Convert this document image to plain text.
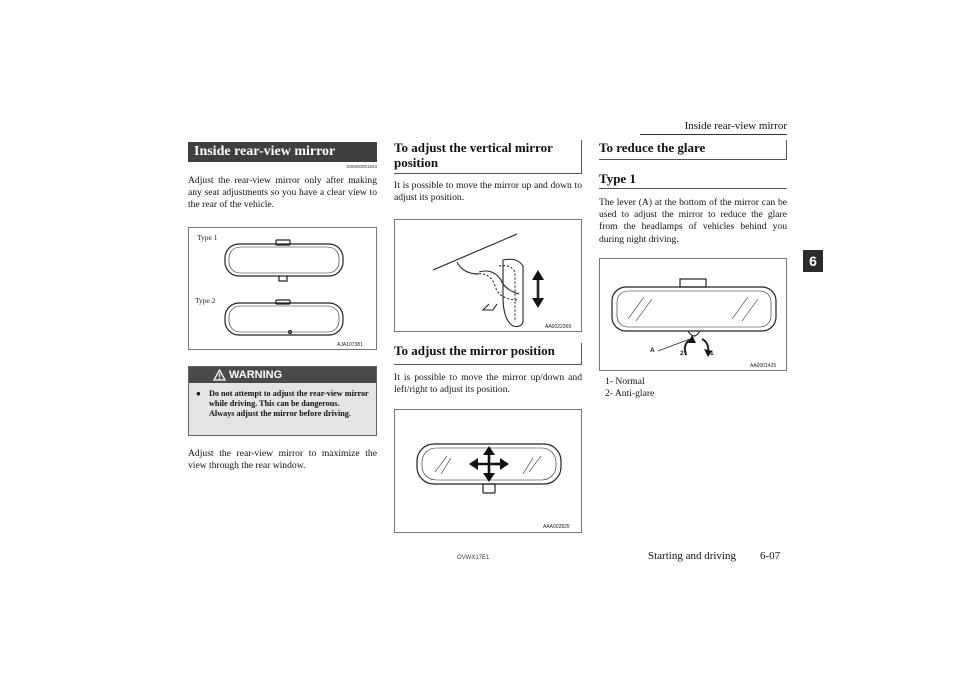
Inside rear-view mirror
6
Inside rear-view mirror
E00600901943
Adjust the rear-view mirror only after making any seat adjustments so you have a clear view to the rear of the vehicle.
Type 1
Type 2
AJA107381
WARNING
● Do not attempt to adjust the rear-view mirror while driving. This can be dangerous.
Always adjust the mirror before driving.
Adjust the rear-view mirror to maximize the view through the rear window.
To adjust the vertical mirror position
It is possible to move the mirror up and down to adjust its position.
AA0022369
To adjust the mirror position
It is possible to move the mirror up/down and left/right to adjust its position.
AAA002825
To reduce the glare
Type 1
The lever (A) at the bottom of the mirror can be used to adjust the mirror to reduce the glare from the headlamps of vehicles behind you during night driving.
A	2	1
AA0001425
1- Normal
2- Anti-glare
OVWX17E1	Starting and driving 6-07
